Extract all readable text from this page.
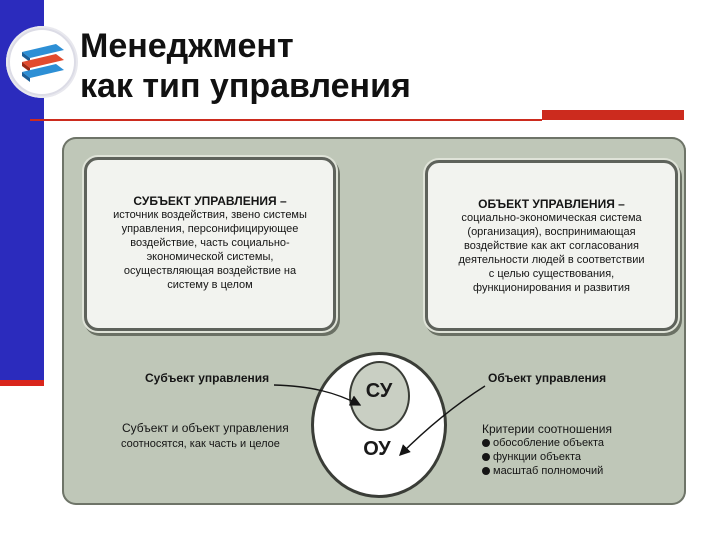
Менеджмент
как тип управления
СУБЪЕКТ УПРАВЛЕНИЯ –
источник воздействия, звено системы
управления, персонифицирующее
воздействие, часть социально-
экономической системы,
осуществляющая воздействие на
систему в целом
ОБЪЕКТ УПРАВЛЕНИЯ –
социально-экономическая система
(организация), воспринимающая
воздействие как акт согласования
деятельности людей в соответствии
с целью существования,
функционирования и развития
СУ
ОУ
Субъект управления	Объект управления
Субъект и объект управления
соотносятся, как часть и целое
Критерии соотношения
обособление объекта
функции объекта
масштаб полномочий
